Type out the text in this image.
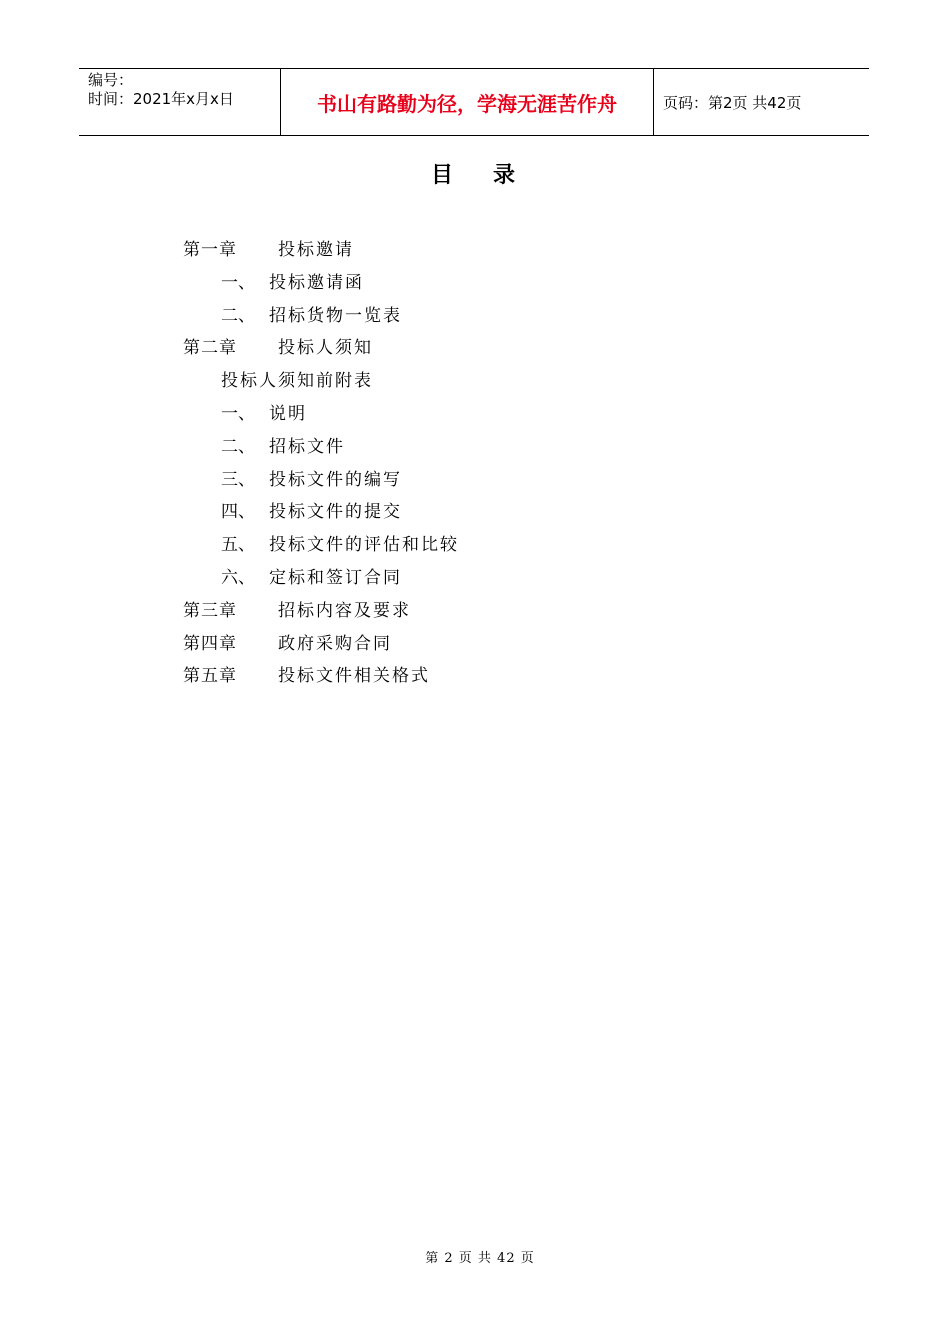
编号：
时间：2021年x月x日	书山有路勤为径，学海无涯苦作舟	页码：第2页 共42页
目录
第一章	投标邀请
一、 投标邀请函
二、 招标货物一览表
第二章	投标人须知
投标人须知前附表
一、 说明
二、 招标文件
三、 投标文件的编写
四、 投标文件的提交
五、 投标文件的评估和比较
六、 定标和签订合同
第三章	招标内容及要求
第四章	政府采购合同
第五章	投标文件相关格式
第 2 页 共 42 页
